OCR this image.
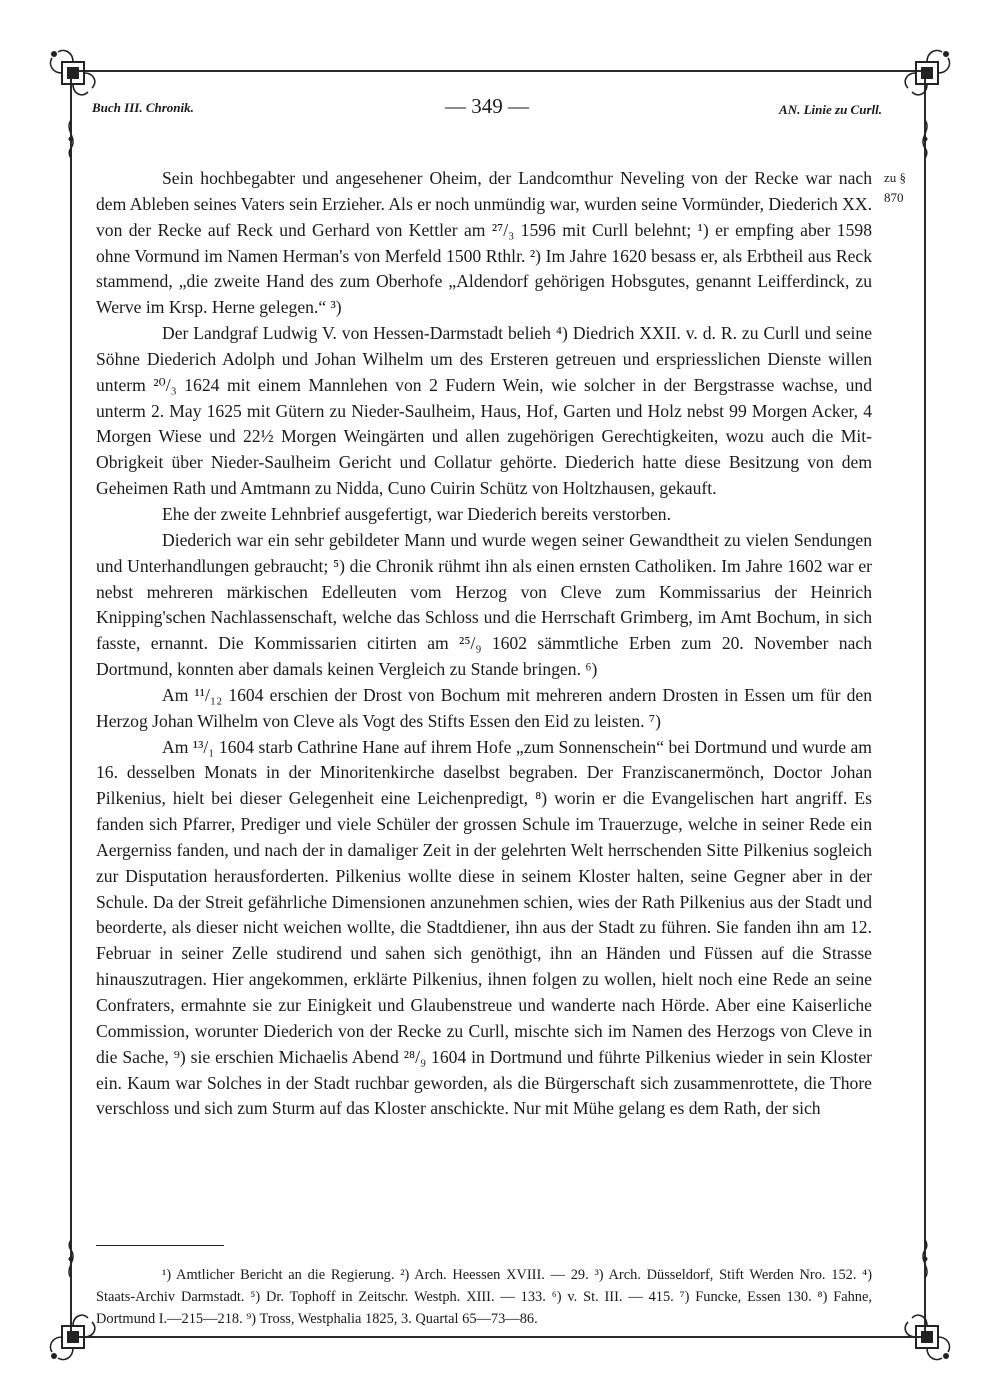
Buch III. Chronik.	— 349 —	AN. Linie zu Curll.
zu § 870

Sein hochbegabter und angesehener Oheim, der Landcomthur Neveling von der Recke war nach dem Ableben seines Vaters sein Erzieher. Als er noch unmündig war, wurden seine Vormünder, Diederich XX. von der Recke auf Reck und Gerhard von Kettler am ²⁷/₃ 1596 mit Curll belehnt; ¹) er empfing aber 1598 ohne Vormund im Namen Herman's von Merfeld 1500 Rthlr. ²) Im Jahre 1620 besass er, als Erbtheil aus Reck stammend, „die zweite Hand des zum Oberhofe „Aldendorf gehörigen Hobsgutes, genannt Leifferdinck, zu Werve im Krsp. Herne gelegen.“ ³)

Der Landgraf Ludwig V. von Hessen-Darmstadt belieh ⁴) Diedrich XXII. v. d. R. zu Curll und seine Söhne Diederich Adolph und Johan Wilhelm um des Ersteren getreuen und erspriesslichen Dienste willen unterm ²⁰/₃ 1624 mit einem Mannlehen von 2 Fudern Wein, wie solcher in der Bergstrasse wachse, und unterm 2. May 1625 mit Gütern zu Nieder-Saulheim, Haus, Hof, Garten und Holz nebst 99 Morgen Acker, 4 Morgen Wiese und 22½ Morgen Weingärten und allen zugehörigen Gerechtigkeiten, wozu auch die Mit-Obrigkeit über Nieder-Saulheim Gericht und Collatur gehörte. Diederich hatte diese Besitzung von dem Geheimen Rath und Amtmann zu Nidda, Cuno Cuirin Schütz von Holtzhausen, gekauft.

Ehe der zweite Lehnbrief ausgefertigt, war Diederich bereits verstorben.

Diederich war ein sehr gebildeter Mann und wurde wegen seiner Gewandtheit zu vielen Sendungen und Unterhandlungen gebraucht; ⁵) die Chronik rühmt ihn als einen ernsten Catholiken. Im Jahre 1602 war er nebst mehreren märkischen Edelleuten vom Herzog von Cleve zum Kommissarius der Heinrich Knipping'schen Nachlassenschaft, welche das Schloss und die Herrschaft Grimberg, im Amt Bochum, in sich fasste, ernannt. Die Kommissarien citirten am ²⁵/₉ 1602 sämmtliche Erben zum 20. November nach Dortmund, konnten aber damals keinen Vergleich zu Stande bringen. ⁶)

Am ¹¹/₁₂ 1604 erschien der Drost von Bochum mit mehreren andern Drosten in Essen um für den Herzog Johan Wilhelm von Cleve als Vogt des Stifts Essen den Eid zu leisten. ⁷)

Am ¹³/₁ 1604 starb Cathrine Hane auf ihrem Hofe „zum Sonnenschein“ bei Dortmund und wurde am 16. desselben Monats in der Minoritenkirche daselbst begraben. Der Franziscanermönch, Doctor Johan Pilkenius, hielt bei dieser Gelegenheit eine Leichenpredigt, ⁸) worin er die Evangelischen hart angriff. Es fanden sich Pfarrer, Prediger und viele Schüler der grossen Schule im Trauerzuge, welche in seiner Rede ein Aergerniss fanden, und nach der in damaliger Zeit in der gelehrten Welt herrschenden Sitte Pilkenius sogleich zur Disputation herausforderten. Pilkenius wollte diese in seinem Kloster halten, seine Gegner aber in der Schule. Da der Streit gefährliche Dimensionen anzunehmen schien, wies der Rath Pilkenius aus der Stadt und beorderte, als dieser nicht weichen wollte, die Stadtdiener, ihn aus der Stadt zu führen. Sie fanden ihn am 12. Februar in seiner Zelle studirend und sahen sich genöthigt, ihn an Händen und Füssen auf die Strasse hinauszutragen. Hier angekommen, erklärte Pilkenius, ihnen folgen zu wollen, hielt noch eine Rede an seine Confraters, ermahnte sie zur Einigkeit und Glaubenstreue und wanderte nach Hörde. Aber eine Kaiserliche Commission, worunter Diederich von der Recke zu Curll, mischte sich im Namen des Herzogs von Cleve in die Sache, ⁹) sie erschien Michaelis Abend ²⁸/₉ 1604 in Dortmund und führte Pilkenius wieder in sein Kloster ein. Kaum war Solches in der Stadt ruchbar geworden, als die Bürgerschaft sich zusammenrottete, die Thore verschloss und sich zum Sturm auf das Kloster anschickte. Nur mit Mühe gelang es dem Rath, der sich

¹) Amtlicher Bericht an die Regierung. ²) Arch. Heessen XVIII. — 29. ³) Arch. Düsseldorf, Stift Werden Nro. 152. ⁴) Staats-Archiv Darmstadt. ⁵) Dr. Tophoff in Zeitschr. Westph. XIII. — 133. ⁶) v. St. III. — 415. ⁷) Funcke, Essen 130. ⁸) Fahne, Dortmund I.—215—218. ⁹) Tross, Westphalia 1825, 3. Quartal 65—73—86.
